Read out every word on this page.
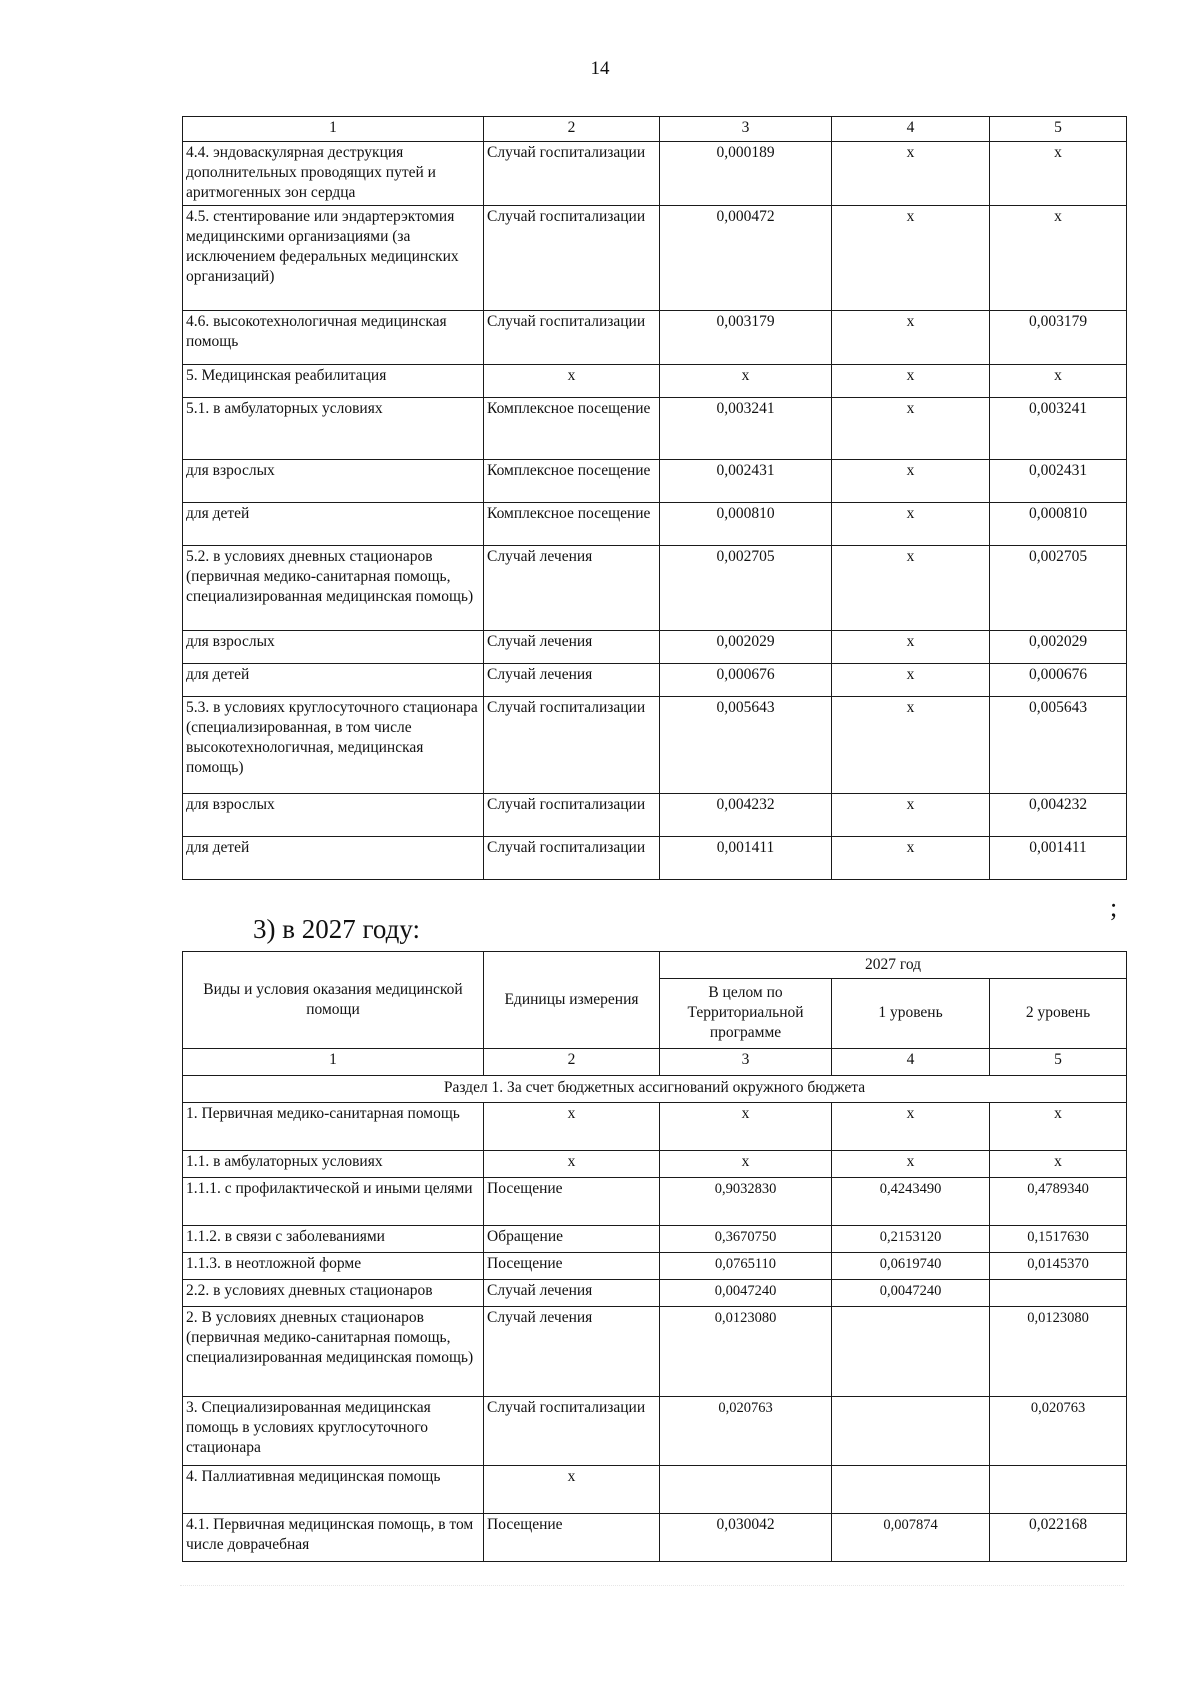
14
1	2	3	4	5
4.4. эндоваскулярная деструкция дополнительных проводящих путей и аритмогенных зон сердца	Случай госпитализации	0,000189	x	x
4.5. стентирование или эндартерэктомия медицинскими организациями (за исключением федеральных медицинских организаций)	Случай госпитализации	0,000472	x	x
4.6. высокотехнологичная медицинская помощь	Случай госпитализации	0,003179	x	0,003179
5. Медицинская реабилитация	x	x	x	x
5.1. в амбулаторных условиях	Комплексное посещение	0,003241	x	0,003241
для взрослых	Комплексное посещение	0,002431	x	0,002431
для детей	Комплексное посещение	0,000810	x	0,000810
5.2. в условиях дневных стационаров (первичная медико-санитарная помощь, специализированная медицинская помощь)	Случай лечения	0,002705	x	0,002705
для взрослых	Случай лечения	0,002029	x	0,002029
для детей	Случай лечения	0,000676	x	0,000676
5.3. в условиях круглосуточного стационара (специализированная, в том числе высокотехнологичная, медицинская помощь)	Случай госпитализации	0,005643	x	0,005643
для взрослых	Случай госпитализации	0,004232	x	0,004232
для детей	Случай госпитализации	0,001411	x	0,001411
;
3) в 2027 году:
Виды и условия оказания медицинской помощи	Единицы измерения	2027 год		
		В целом по Территориальной программе	1 уровень	2 уровень
1	2	3	4	5
Раздел 1. За счет бюджетных ассигнований окружного бюджета				
1. Первичная медико-санитарная помощь	x	x	x	x
1.1. в амбулаторных условиях	x	x	x	x
1.1.1. с профилактической и иными целями	Посещение	0,9032830	0,4243490	0,4789340
1.1.2. в связи с заболеваниями	Обращение	0,3670750	0,2153120	0,1517630
1.1.3. в неотложной форме	Посещение	0,0765110	0,0619740	0,0145370
2.2. в условиях дневных стационаров	Случай лечения	0,0047240	0,0047240	
2. В условиях дневных стационаров (первичная медико-санитарная помощь, специализированная медицинская помощь)	Случай лечения	0,0123080		0,0123080
3. Специализированная медицинская помощь в условиях круглосуточного стационара	Случай госпитализации	0,020763		0,020763
4. Паллиативная медицинская помощь	x			
4.1. Первичная медицинская помощь, в том числе доврачебная	Посещение	0,030042	0,007874	0,022168
